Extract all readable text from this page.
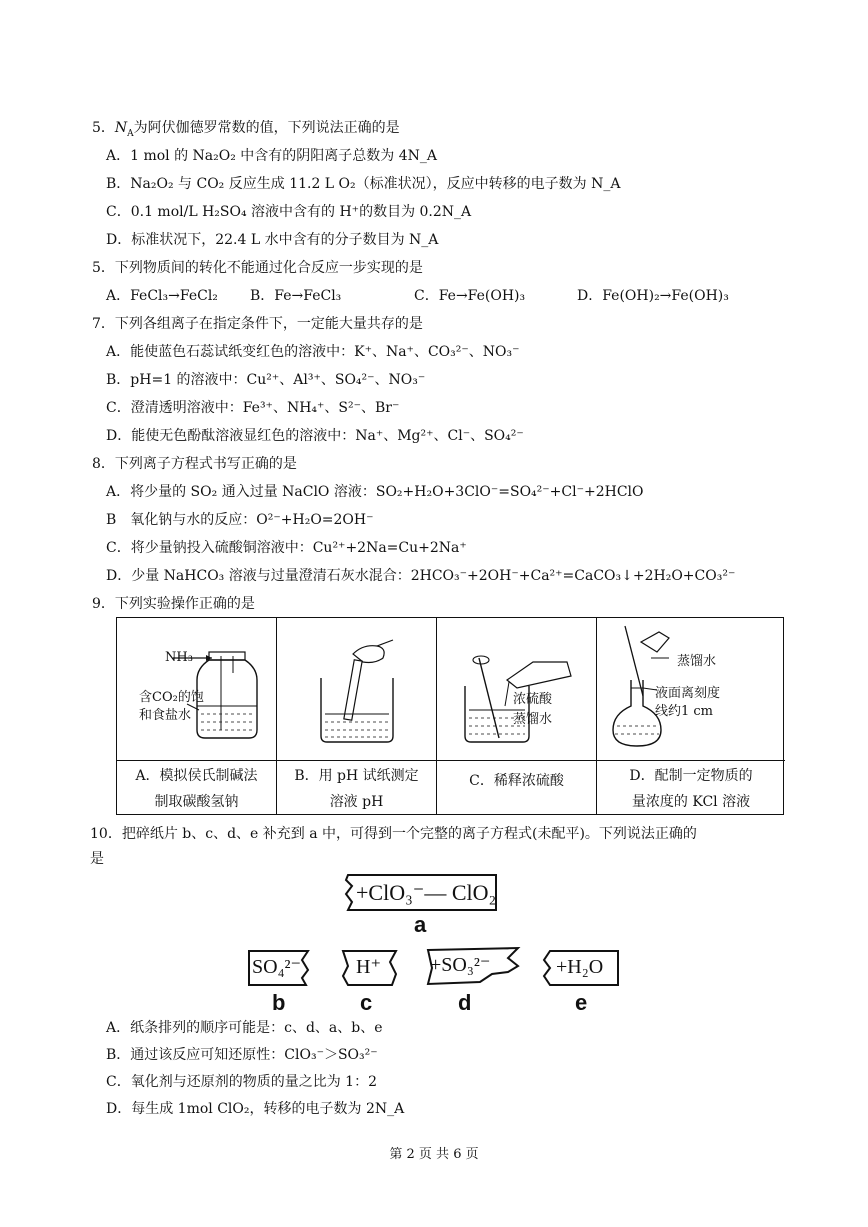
5．$N_A$为阿伏伽德罗常数的值，下列说法正确的是
A．1 mol 的 Na₂O₂ 中含有的阴阳离子总数为 4N_A
B．Na₂O₂ 与 CO₂ 反应生成 11.2 L O₂（标准状况），反应中转移的电子数为 N_A
C．0.1 mol/L H₂SO₄ 溶液中含有的 H⁺的数目为 0.2N_A
D．标准状况下，22.4 L 水中含有的分子数目为 N_A
5．下列物质间的转化不能通过化合反应一步实现的是
A．FeCl₃→FeCl₂ B．Fe→FeCl₃	C．Fe→Fe(OH)₃	D．Fe(OH)₂→Fe(OH)₃
7．下列各组离子在指定条件下，一定能大量共存的是
A．能使蓝色石蕊试纸变红色的溶液中：K⁺、Na⁺、CO₃²⁻、NO₃⁻
B．pH=1 的溶液中：Cu²⁺、Al³⁺、SO₄²⁻、NO₃⁻
C．澄清透明溶液中：Fe³⁺、NH₄⁺、S²⁻、Br⁻
D．能使无色酚酞溶液显红色的溶液中：Na⁺、Mg²⁺、Cl⁻、SO₄²⁻
8．下列离子方程式书写正确的是
A．将少量的 SO₂ 通入过量 NaClO 溶液：SO₂+H₂O+3ClO⁻=SO₄²⁻+Cl⁻+2HClO
B　氧化钠与水的反应：O²⁻+H₂O=2OH⁻
C．将少量钠投入硫酸铜溶液中：Cu²⁺+2Na=Cu+2Na⁺
D．少量 NaHCO₃ 溶液与过量澄清石灰水混合：2HCO₃⁻+2OH⁻+Ca²⁺=CaCO₃↓+2H₂O+CO₃²⁻
9．下列实验操作正确的是
NH₃
含CO₂的饱
和食盐水
A．模拟侯氏制碱法
制取碳酸氢钠
B．用 pH 试纸测定
溶液 pH
浓硫酸
蒸馏水
C．稀释浓硫酸
蒸馏水
液面离刻度
线约1 cm
D．配制一定物质的
量浓度的 KCl 溶液
10．把碎纸片 b、c、d、e 补充到 a 中，可得到一个完整的离子方程式(未配平)。下列说法正确的
是
+ClO₃⁻— ClO₂
a
SO₄²⁻
b
H⁺
c
+SO₃²⁻
d
+H₂O
e
A．纸条排列的顺序可能是：c、d、a、b、e
B．通过该反应可知还原性：ClO₃⁻＞SO₃²⁻
C．氧化剂与还原剂的物质的量之比为 1：2
D．每生成 1mol ClO₂，转移的电子数为 2N_A
第 2 页 共 6 页
